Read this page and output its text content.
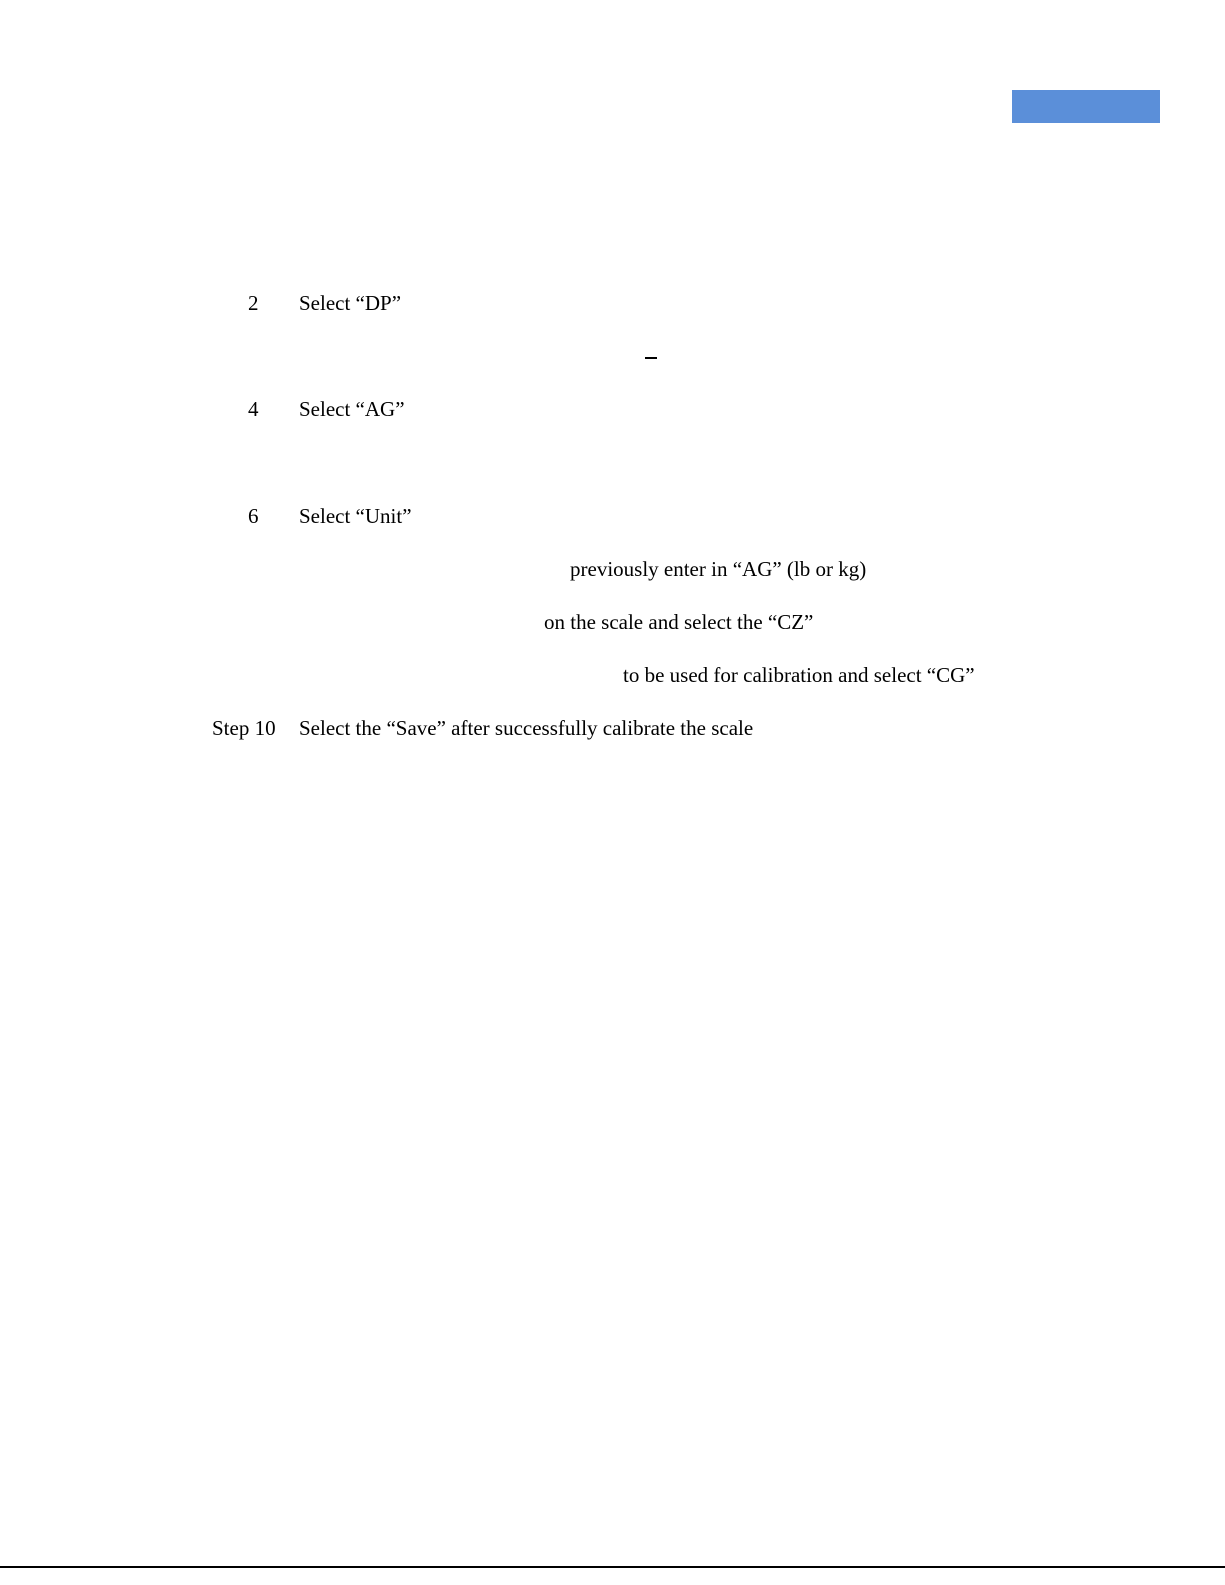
2 Select “DP”
4 Select “AG”
6 Select “Unit”
previously enter in “AG” (lb or kg)
on the scale and select the “CZ”
to be used for calibration and select “CG”
Step 10 Select the “Save” after successfully calibrate the scale
